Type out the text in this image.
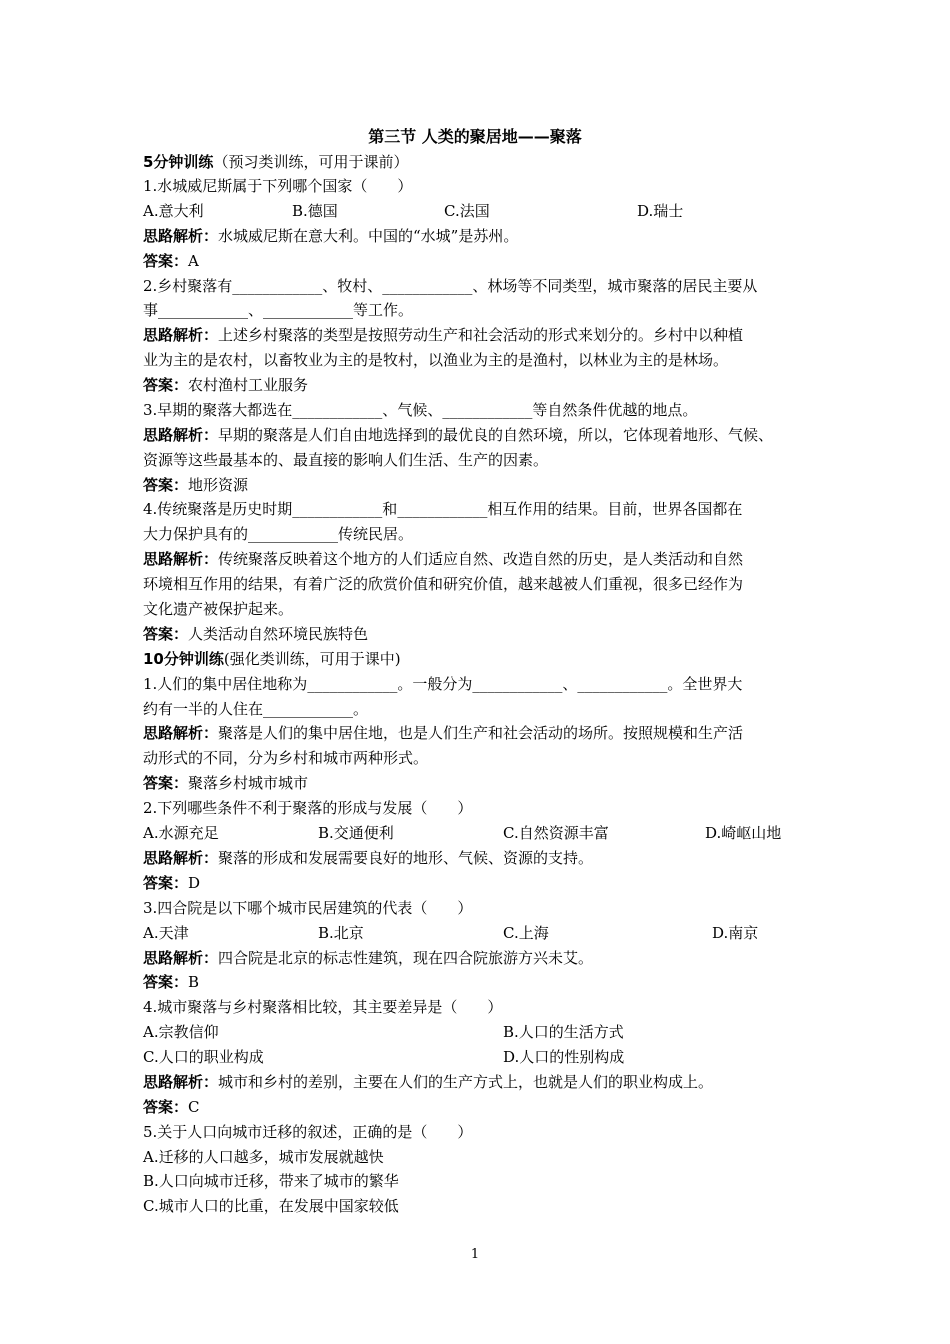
第三节 人类的聚居地——聚落
5分钟训练（预习类训练，可用于课前）
1.水城威尼斯属于下列哪个国家（　　）
A.意大利	B.德国	C.法国	D.瑞士
思路解析：水城威尼斯在意大利。中国的“水城”是苏州。
答案：A
2.乡村聚落有____________、牧村、____________、林场等不同类型，城市聚落的居民主要从
事____________、____________等工作。
思路解析：上述乡村聚落的类型是按照劳动生产和社会活动的形式来划分的。乡村中以种植
业为主的是农村，以畜牧业为主的是牧村，以渔业为主的是渔村，以林业为主的是林场。
答案：农村渔村工业服务
3.早期的聚落大都选在____________、气候、____________等自然条件优越的地点。
思路解析：早期的聚落是人们自由地选择到的最优良的自然环境，所以，它体现着地形、气候、
资源等这些最基本的、最直接的影响人们生活、生产的因素。
答案：地形资源
4.传统聚落是历史时期____________和____________相互作用的结果。目前，世界各国都在
大力保护具有的____________传统民居。
思路解析：传统聚落反映着这个地方的人们适应自然、改造自然的历史，是人类活动和自然
环境相互作用的结果，有着广泛的欣赏价值和研究价值，越来越被人们重视，很多已经作为
文化遗产被保护起来。
答案：人类活动自然环境民族特色
10分钟训练(强化类训练，可用于课中)
1.人们的集中居住地称为____________。一般分为____________、____________。全世界大
约有一半的人住在____________。
思路解析：聚落是人们的集中居住地，也是人们生产和社会活动的场所。按照规模和生产活
动形式的不同，分为乡村和城市两种形式。
答案：聚落乡村城市城市
2.下列哪些条件不利于聚落的形成与发展（　　）
A.水源充足	B.交通便利	C.自然资源丰富	D.崎岖山地
思路解析：聚落的形成和发展需要良好的地形、气候、资源的支持。
答案：D
3.四合院是以下哪个城市民居建筑的代表（　　）
A.天津	B.北京	C.上海	D.南京
思路解析：四合院是北京的标志性建筑，现在四合院旅游方兴未艾。
答案：B
4.城市聚落与乡村聚落相比较，其主要差异是（　　）
A.宗教信仰	B.人口的生活方式
C.人口的职业构成	D.人口的性别构成
思路解析：城市和乡村的差别，主要在人们的生产方式上，也就是人们的职业构成上。
答案：C
5.关于人口向城市迁移的叙述，正确的是（　　）
A.迁移的人口越多，城市发展就越快
B.人口向城市迁移，带来了城市的繁华
C.城市人口的比重，在发展中国家较低
1
